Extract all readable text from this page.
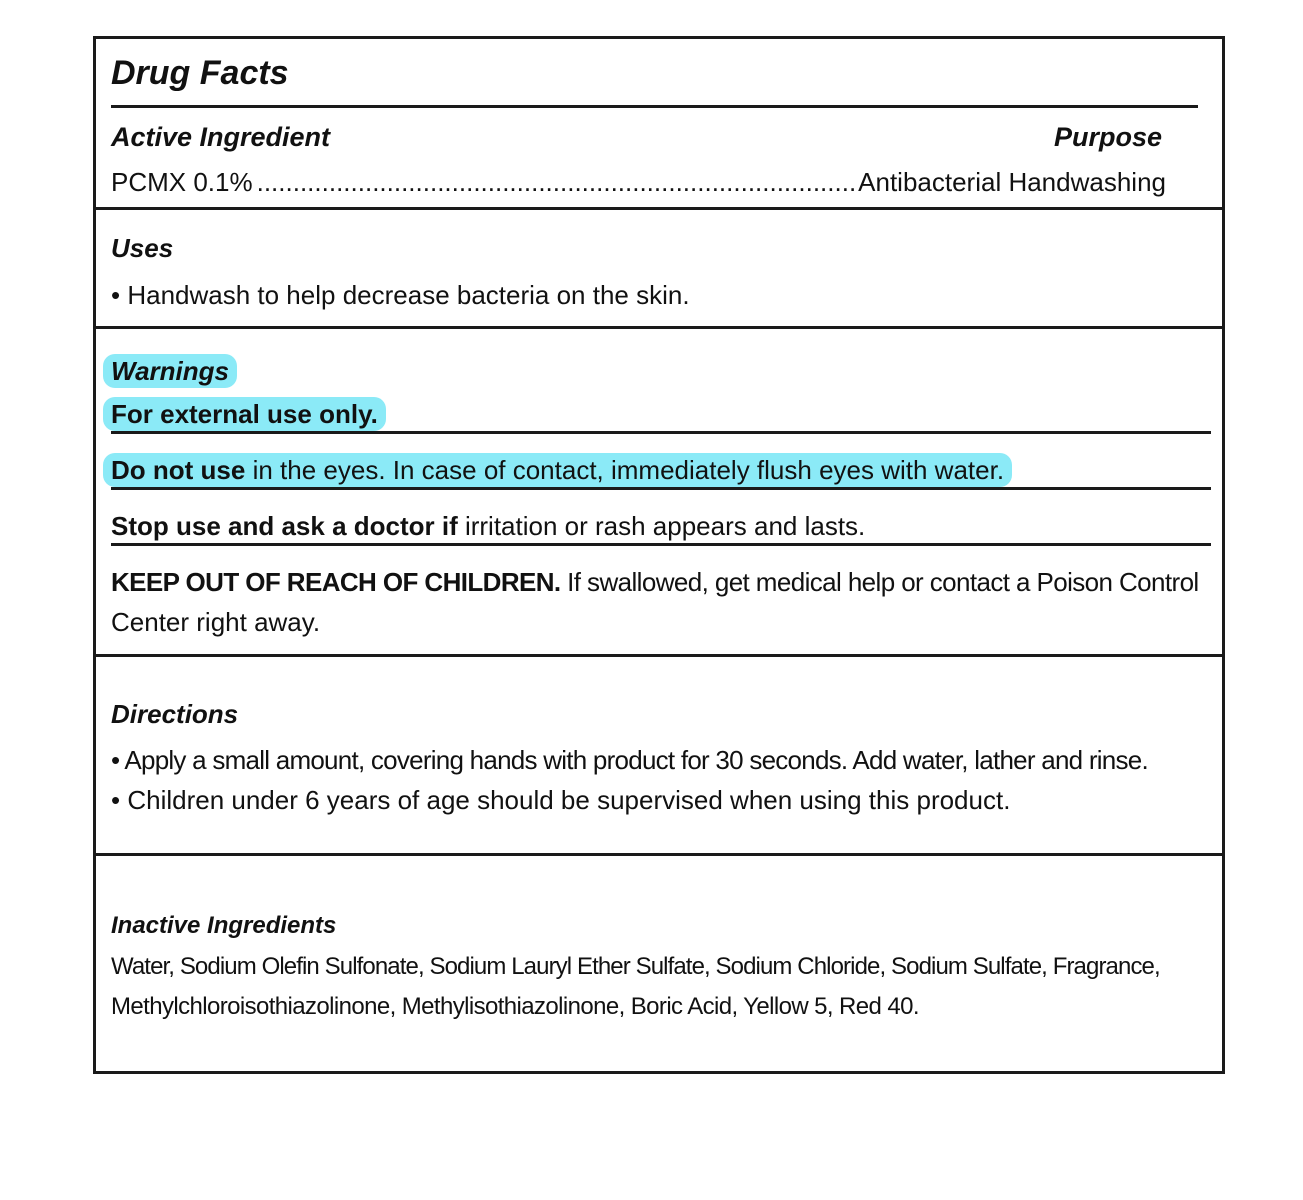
Drug Facts
Active Ingredient	Purpose
PCMX 0.1%
.....	Antibacterial Handwashing
Uses
• Handwash to help decrease bacteria on the skin.
Warnings
For external use only.
Do not use in the eyes. In case of contact, immediately flush eyes with water.
Stop use and ask a doctor if irritation or rash appears and lasts.
KEEP OUT OF REACH OF CHILDREN. If swallowed, get medical help or contact a Poison Control
Center right away.
Directions
• Apply a small amount, covering hands with product for 30 seconds. Add water, lather and rinse.
• Children under 6 years of age should be supervised when using this product.
Inactive Ingredients
Water, Sodium Olefin Sulfonate, Sodium Lauryl Ether Sulfate, Sodium Chloride, Sodium Sulfate, Fragrance,
Methylchloroisothiazolinone, Methylisothiazolinone, Boric Acid, Yellow 5, Red 40.
